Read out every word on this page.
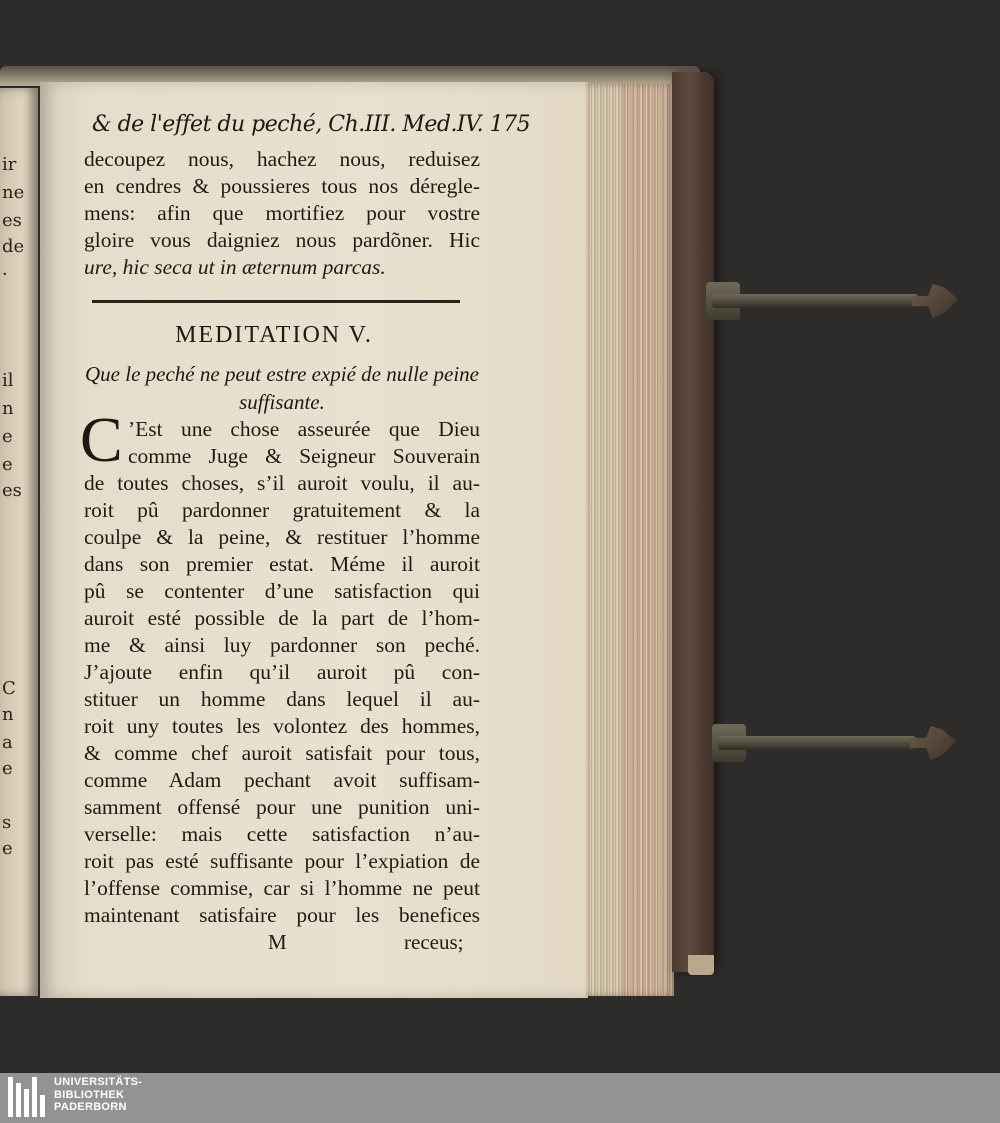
ir
ne
es
de
·
il
n
e
e
es
C
n
a
e
s
e
& de l'effet du peché, Ch.III. Med.IV. 175
decoupez nous, hachez nous, reduisez
en cendres & poussieres tous nos déregle-
mens: afin que mortifiez pour vostre
gloire vous daigniez nous pardõner. Hic
ure, hic seca ut in æternum parcas.
MEDITATION V.
Que le peché ne peut estre expié de nulle peine
suffisante.
C ’Est une chose asseurée que Dieu
comme Juge & Seigneur Souverain
de toutes choses, s’il auroit voulu, il au-
roit pû pardonner gratuitement & la
coulpe & la peine, & restituer l’homme
dans son premier estat. Méme il auroit
pû se contenter d’une satisfaction qui
auroit esté possible de la part de l’hom-
me & ainsi luy pardonner son peché.
J’ajoute enfin qu’il auroit pû con-
stituer un homme dans lequel il au-
roit uny toutes les volontez des hommes,
& comme chef auroit satisfait pour tous,
comme Adam pechant avoit suffisam-
samment offensé pour une punition uni-
verselle: mais cette satisfaction n’au-
roit pas esté suffisante pour l’expiation de
l’offense commise, car si l’homme ne peut
maintenant satisfaire pour les benefices
M	receus;
UNIVERSITÄTS-
BIBLIOTHEK
PADERBORN
